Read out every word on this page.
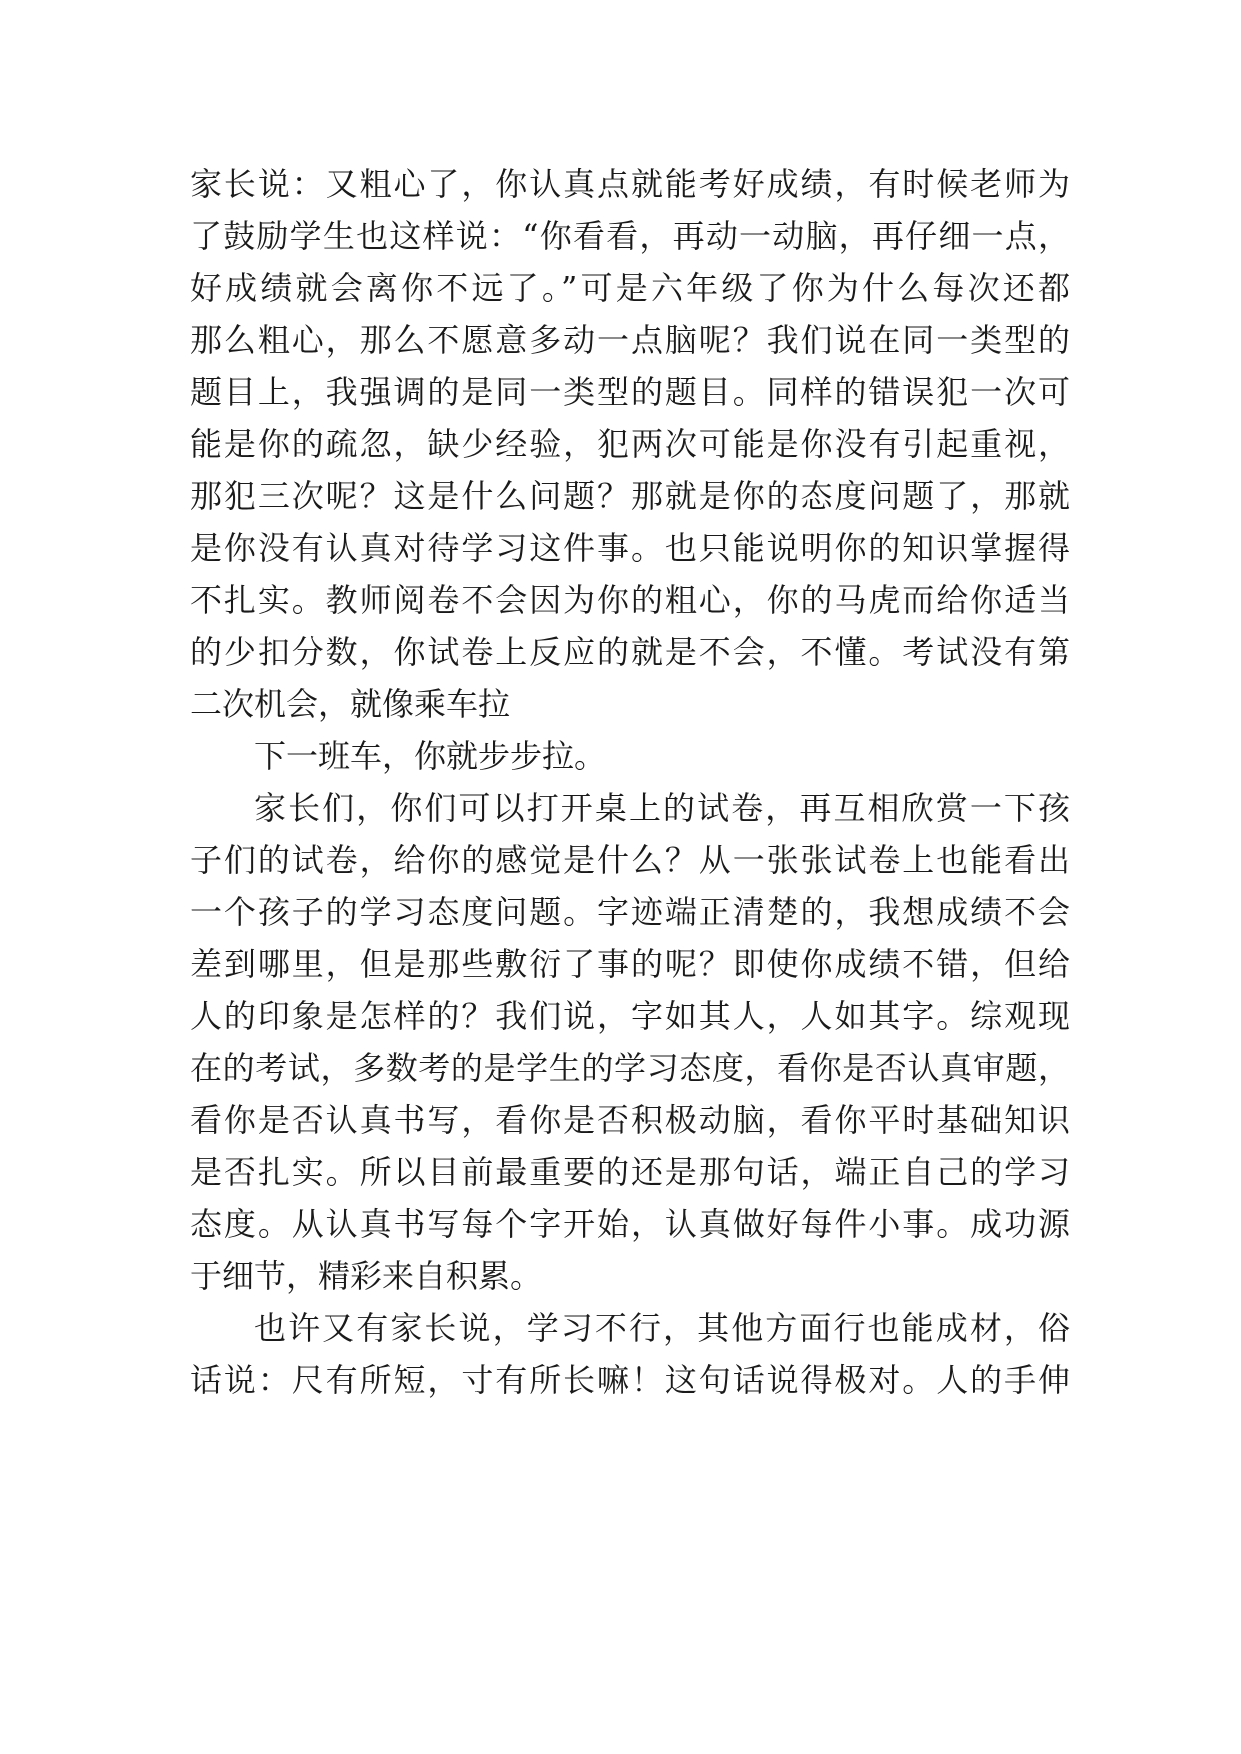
家长说：又粗心了，你认真点就能考好成绩，有时候老师为
了鼓励学生也这样说：“你看看，再动一动脑，再仔细一点，
好成绩就会离你不远了。”可是六年级了你为什么每次还都
那么粗心，那么不愿意多动一点脑呢？我们说在同一类型的
题目上，我强调的是同一类型的题目。同样的错误犯一次可
能是你的疏忽，缺少经验，犯两次可能是你没有引起重视，
那犯三次呢？这是什么问题？那就是你的态度问题了，那就
是你没有认真对待学习这件事。也只能说明你的知识掌握得
不扎实。教师阅卷不会因为你的粗心，你的马虎而给你适当
的少扣分数，你试卷上反应的就是不会，不懂。考试没有第
二次机会，就像乘车拉
下一班车，你就步步拉。
家长们，你们可以打开桌上的试卷，再互相欣赏一下孩
子们的试卷，给你的感觉是什么？从一张张试卷上也能看出
一个孩子的学习态度问题。字迹端正清楚的，我想成绩不会
差到哪里，但是那些敷衍了事的呢？即使你成绩不错，但给
人的印象是怎样的？我们说，字如其人，人如其字。综观现
在的考试，多数考的是学生的学习态度，看你是否认真审题，
看你是否认真书写，看你是否积极动脑，看你平时基础知识
是否扎实。所以目前最重要的还是那句话，端正自己的学习
态度。从认真书写每个字开始，认真做好每件小事。成功源
于细节，精彩来自积累。
也许又有家长说，学习不行，其他方面行也能成材，俗
话说：尺有所短，寸有所长嘛！这句话说得极对。人的手伸
